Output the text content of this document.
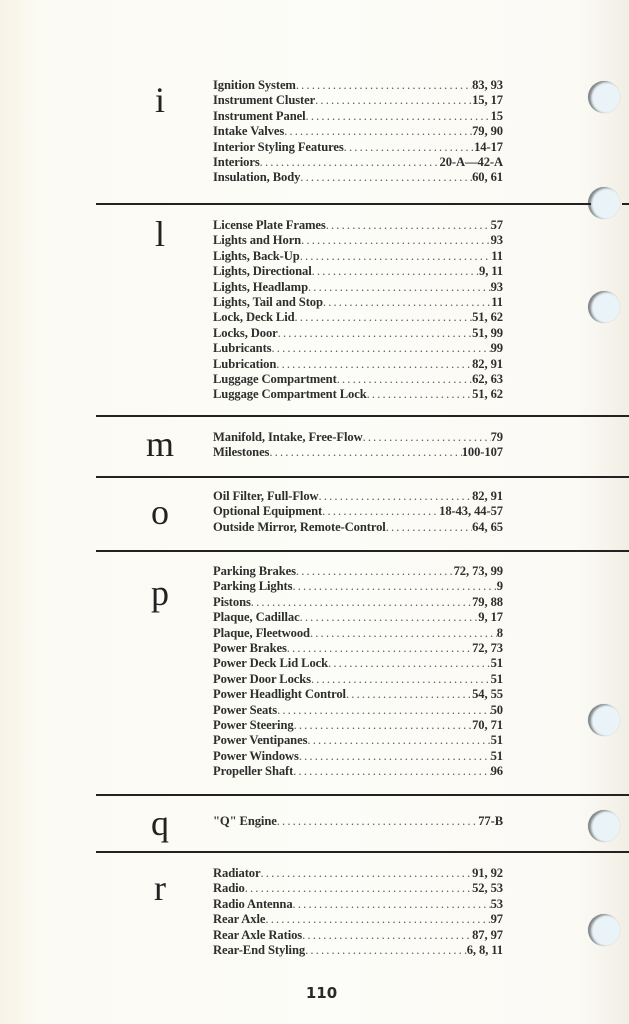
i	Ignition System . . .	83, 93
Instrument Cluster . . .	15, 17
Instrument Panel . . .	15
Intake Valves . . .	79, 90
Interior Styling Features . . .	14-17
Interiors . . .	20-A—42-A
Insulation, Body . . .	60, 61
l	License Plate Frames . . .	57
Lights and Horn . . .	93
Lights, Back-Up . . .	11
Lights, Directional . . .	9, 11
Lights, Headlamp . . .	93
Lights, Tail and Stop . . .	11
Lock, Deck Lid . . .	51, 62
Locks, Door . . .	51, 99
Lubricants . . .	99
Lubrication . . .	82, 91
Luggage Compartment . . .	62, 63
Luggage Compartment Lock . . .	51, 62
m	Manifold, Intake, Free-Flow . . .	79
Milestones . . .	100-107
o	Oil Filter, Full-Flow . . .	82, 91
Optional Equipment . . .	18-43, 44-57
Outside Mirror, Remote-Control . . .	64, 65
p
Parking Brakes . . .	72, 73, 99
Parking Lights . . .	9
Pistons . . .	79, 88
Plaque, Cadillac . . .	9, 17
Plaque, Fleetwood . . .	8
Power Brakes . . .	72, 73
Power Deck Lid Lock . . .	51
Power Door Locks . . .	51
Power Headlight Control . . .	54, 55
Power Seats . . .	50
Power Steering . . .	70, 71
Power Ventipanes . . .	51
Power Windows . . .	51
Propeller Shaft . . .	96
q	"Q" Engine . . .	77-B
r	Radiator . . .	91, 92
Radio . . .	52, 53
Radio Antenna . . .	53
Rear Axle . . .	97
Rear Axle Ratios . . .	87, 97
Rear-End Styling . . .	6, 8, 11
110
